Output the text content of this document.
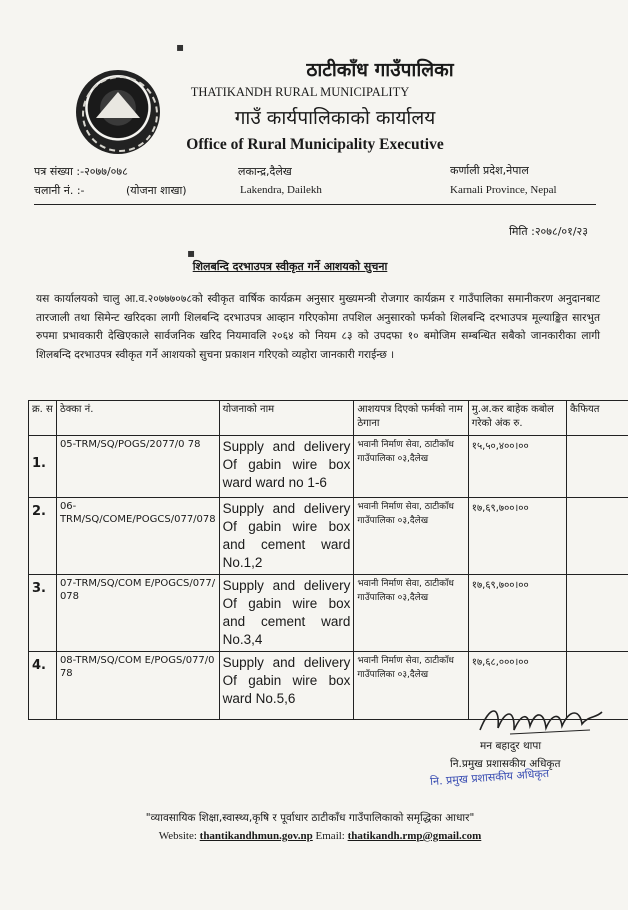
ठाटीकाँध गाउँपालिका
THATIKANDH RURAL MUNICIPALITY
गाउँ कार्यपालिकाको कार्यालय
Office of Rural Municipality Executive
पत्र संख्या :-२०७७/०७८	लकान्द्र,दैलेख	कर्णाली प्रदेश,नेपाल
चलानी नं. :-	(योजना शाखा)	Lakendra, Dailekh	Karnali Province, Nepal
मिति :२०७८/०१/२३
▪
▪
शिलबन्दि दरभाउपत्र स्वीकृत गर्ने आशयको सुचना
यस कार्यालयको चालु आ.व.२०७७७०७८को स्वीकृत वार्षिक कार्यक्रम अनुसार मुख्यमन्त्री रोजगार कार्यक्रम र गाउँपालिका समानीकरण अनुदानबाट तारजाली तथा सिमेन्ट खरिदका लागी शिलबन्दि दरभाउपत्र आव्हान गरिएकोमा तपशिल अनुसारको फर्मको शिलबन्दि दरभाउपत्र मूल्याङ्कित सारभुत रुपमा प्रभावकारी देखिएकाले सार्वजनिक खरिद नियमावलि २०६४ को नियम ८३ को उपदफा १० बमोजिम सम्बन्धित सबैको जानकारीका लागी शिलबन्दि दरभाउपत्र स्वीकृत गर्ने आशयको सुचना प्रकाशन गरिएको व्यहोरा जानकारी गराईन्छ ।
क्र. स	ठेक्का नं.	योजनाको नाम	आशयपत्र दिएको फर्मको नाम ठेगाना	मु.अ.कर बाहेक कबोल गरेको अंक रु.	कैफियत
1.	05-TRM/SQ/POGS/2077/0 78	Supply and delivery Of gabin wire box ward ward no 1-6	भवानी निर्माण सेवा, ठाटीकाँध गाउँपालिका ०३,दैलेख	१५,५०,४००।००	
2.	06-TRM/SQ/COME/POGCS/077/078	Supply and delivery Of gabin wire box and cement ward No.1,2	भवानी निर्माण सेवा, ठाटीकाँध गाउँपालिका ०३,दैलेख	१७,६९,७००।००	
3.	07-TRM/SQ/COM E/POGCS/077/ 078	Supply and delivery Of gabin wire box and cement ward No.3,4	भवानी निर्माण सेवा, ठाटीकाँध गाउँपालिका ०३,दैलेख	१७,६९,७००।००	
4.	08-TRM/SQ/COM E/POGS/077/0 78	Supply and delivery Of gabin wire box ward No.5,6	भवानी निर्माण सेवा, ठाटीकाँध गाउँपालिका ०३,दैलेख	१७,६८,०००।००	
मन बहादुर थापा
नि.प्रमुख प्रशासकीय अधिकृत
नि. प्रमुख प्रशासकीय अधिकृत
"व्यावसायिक शिक्षा,स्वास्थ्य,कृषि र पूर्वाधार ठाटीकाँध गाउँपालिकाको समृद्धिका आधार"
Website: thantikandhmun.gov.np Email: thatikandh.rmp@gmail.com
